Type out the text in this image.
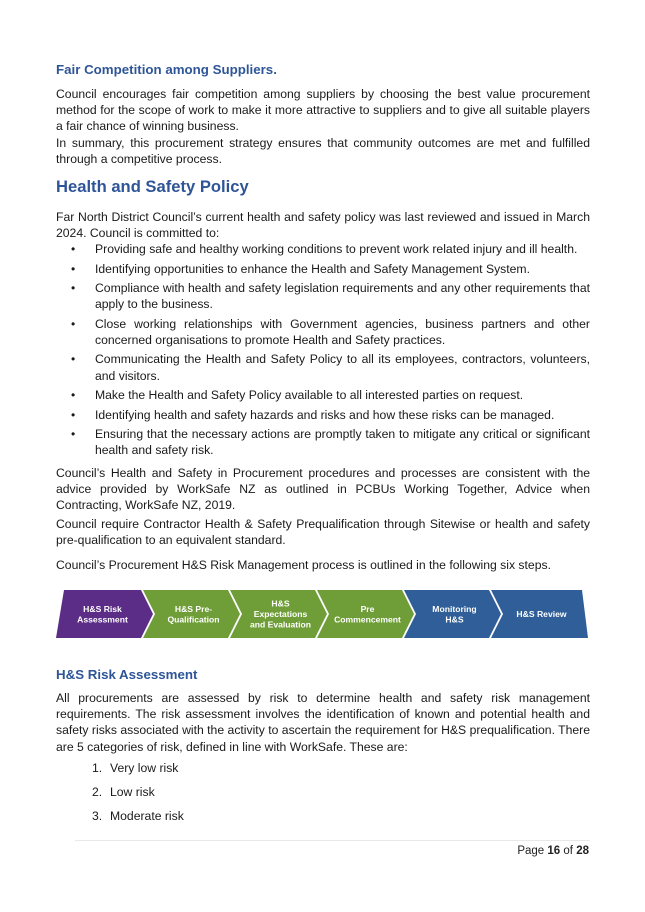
Fair Competition among Suppliers.

Council encourages fair competition among suppliers by choosing the best value procurement method for the scope of work to make it more attractive to suppliers and to give all suitable players a fair chance of winning business.

In summary, this procurement strategy ensures that community outcomes are met and fulfilled through a competitive process.

Health and Safety Policy

Far North District Council’s current health and safety policy was last reviewed and issued in March 2024. Council is committed to:

• Providing safe and healthy working conditions to prevent work related injury and ill health.
• Identifying opportunities to enhance the Health and Safety Management System.
• Compliance with health and safety legislation requirements and any other requirements that apply to the business.
• Close working relationships with Government agencies, business partners and other concerned organisations to promote Health and Safety practices.
• Communicating the Health and Safety Policy to all its employees, contractors, volunteers, and visitors.
• Make the Health and Safety Policy available to all interested parties on request.
• Identifying health and safety hazards and risks and how these risks can be managed.
• Ensuring that the necessary actions are promptly taken to mitigate any critical or significant health and safety risk.

Council’s Health and Safety in Procurement procedures and processes are consistent with the advice provided by WorkSafe NZ as outlined in PCBUs Working Together, Advice when Contracting, WorkSafe NZ, 2019.

Council require Contractor Health & Safety Prequalification through Sitewise or health and safety pre-qualification to an equivalent standard.

Council’s Procurement H&S Risk Management process is outlined in the following six steps.

H&S Risk Assessment
H&S Pre-Qualification
H&S Expectations and Evaluation
Pre Commencement
Monitoring H&S
H&S Review
H&S Risk Assessment

All procurements are assessed by risk to determine health and safety risk management requirements. The risk assessment involves the identification of known and potential health and safety risks associated with the activity to ascertain the requirement for H&S prequalification. There are 5 categories of risk, defined in line with WorkSafe. These are:

1. Very low risk
2. Low risk
3. Moderate risk
Page 16 of 28
